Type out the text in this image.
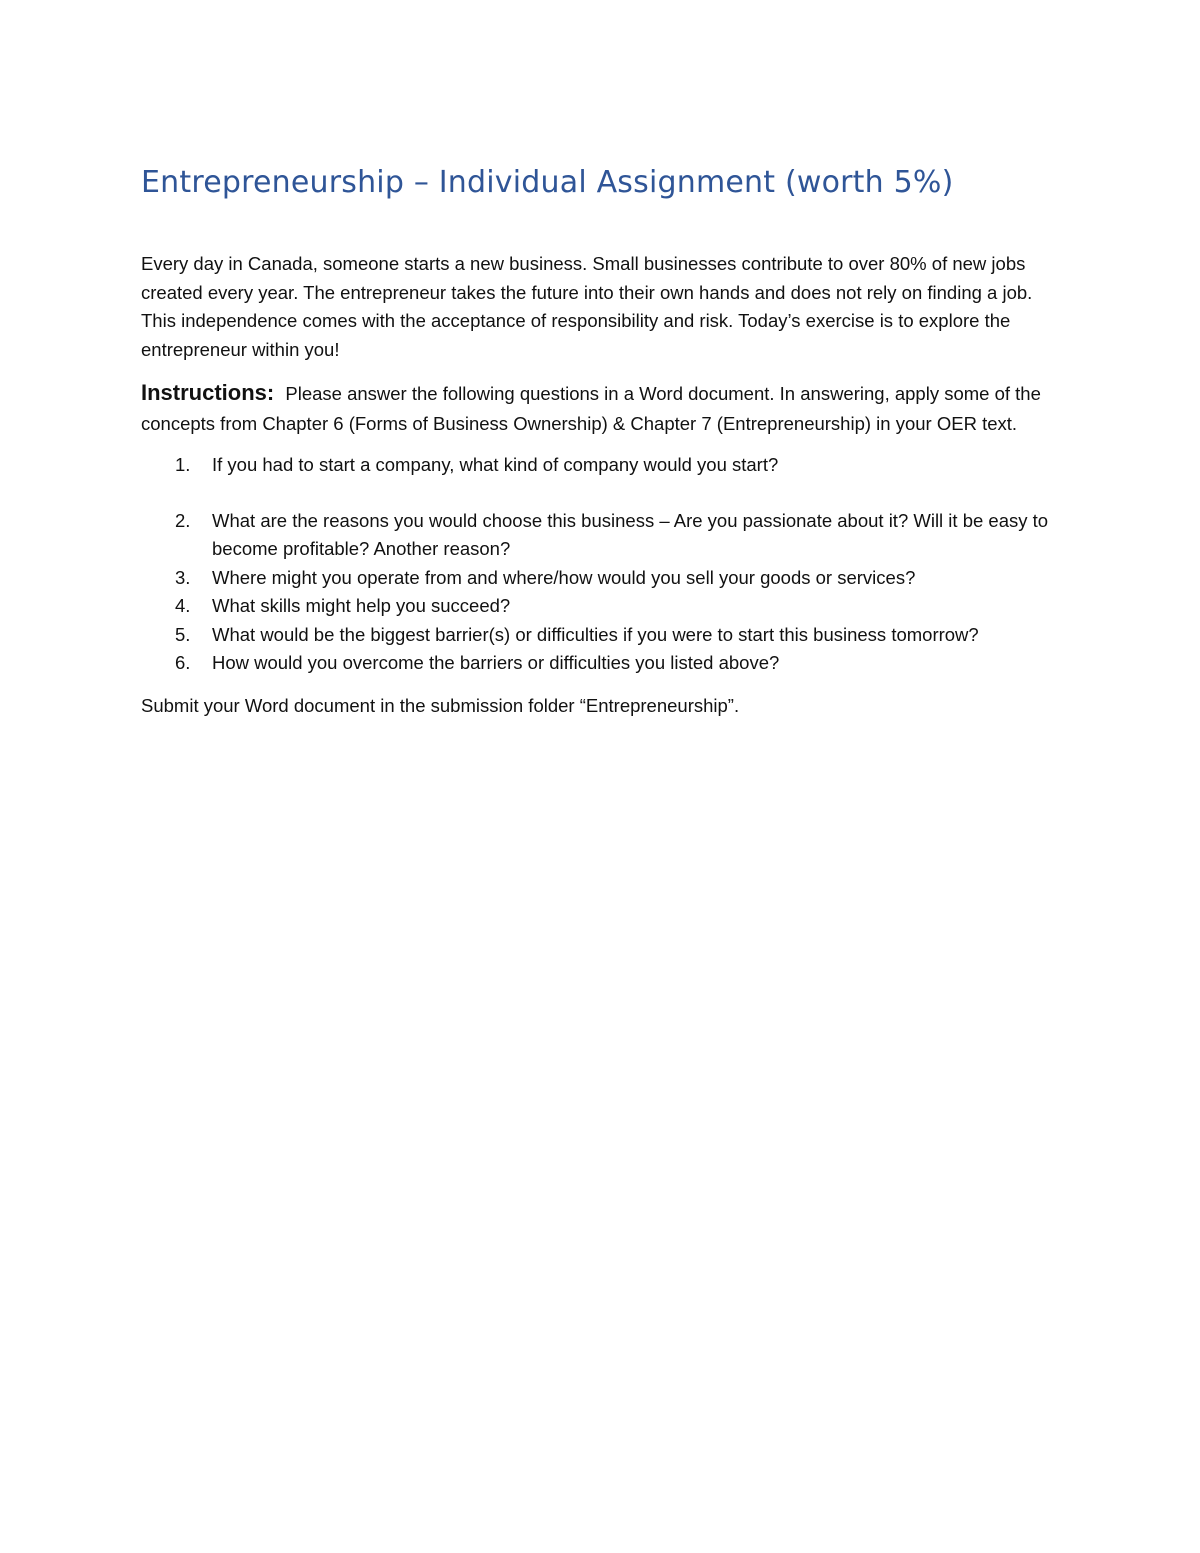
Entrepreneurship – Individual Assignment (worth 5%)

Every day in Canada, someone starts a new business. Small businesses contribute to over 80% of new jobs created every year. The entrepreneur takes the future into their own hands and does not rely on finding a job. This independence comes with the acceptance of responsibility and risk. Today’s exercise is to explore the entrepreneur within you!

Instructions: Please answer the following questions in a Word document. In answering, apply some of the concepts from Chapter 6 (Forms of Business Ownership) & Chapter 7 (Entrepreneurship) in your OER text.

1.	If you had to start a company, what kind of company would you start?
2.	What are the reasons you would choose this business – Are you passionate about it? Will it be easy to become profitable? Another reason?
3.	Where might you operate from and where/how would you sell your goods or services?
4.	What skills might help you succeed?
5.	What would be the biggest barrier(s) or difficulties if you were to start this business tomorrow?
6.	How would you overcome the barriers or difficulties you listed above?

Submit your Word document in the submission folder “Entrepreneurship”.
